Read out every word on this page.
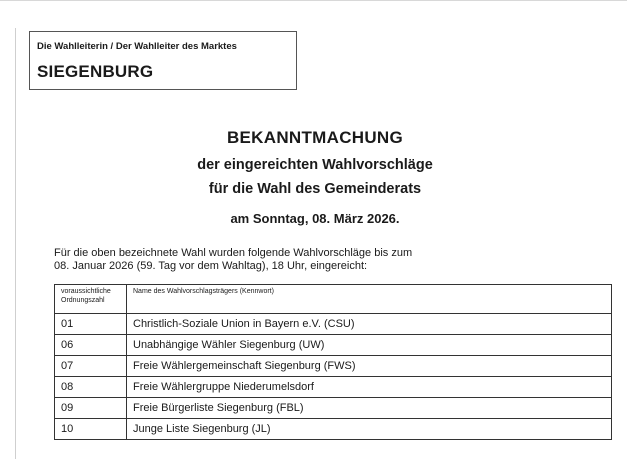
Die Wahlleiterin / Der Wahlleiter des Marktes
SIEGENBURG
BEKANNTMACHUNG
der eingereichten Wahlvorschläge
für die Wahl des Gemeinderats
am Sonntag, 08. März 2026.
Für die oben bezeichnete Wahl wurden folgende Wahlvorschläge bis zum
08. Januar 2026 (59. Tag vor dem Wahltag), 18 Uhr, eingereicht:
voraussichtliche
Ordnungszahl	Name des Wahlvorschlagsträgers (Kennwort)
01	Christlich-Soziale Union in Bayern e.V. (CSU)
06	Unabhängige Wähler Siegenburg (UW)
07	Freie Wählergemeinschaft Siegenburg (FWS)
08	Freie Wählergruppe Niederumelsdorf
09	Freie Bürgerliste Siegenburg (FBL)
10	Junge Liste Siegenburg (JL)
